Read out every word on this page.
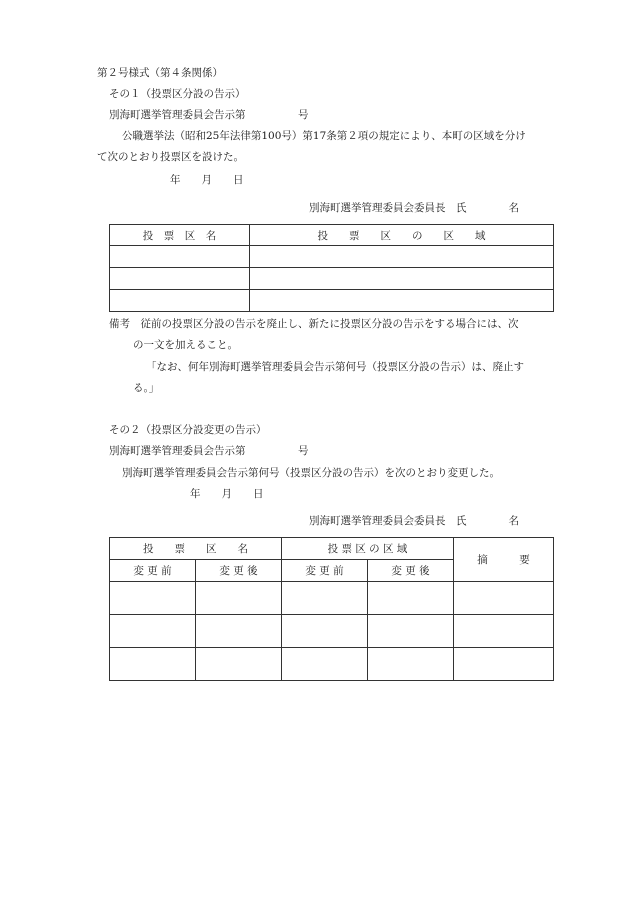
第２号様式（第４条関係）
その１（投票区分設の告示）
別海町選挙管理委員会告示第　　　　　号
公職選挙法（昭和25年法律第100号）第17条第２項の規定により、本町の区域を分け
て次のとおり投票区を設けた。
年　　月　　日
別海町選挙管理委員会委員長　氏　　　　名
投　票　区　名	投　　票　　区　　の　　区　　域

備考　従前の投票区分設の告示を廃止し、新たに投票区分設の告示をする場合には、次
の一文を加えること。
「なお、何年別海町選挙管理委員会告示第何号（投票区分設の告示）は、廃止す
る。」
その２（投票区分設変更の告示）
別海町選挙管理委員会告示第　　　　　号
別海町選挙管理委員会告示第何号（投票区分設の告示）を次のとおり変更した。
年　　月　　日
別海町選挙管理委員会委員長　氏　　　　名
投　　票　　区　　名		投 票 区 の 区 域		摘　　　要
変 更 前	変 更 後	変 更 前	変 更 後	
